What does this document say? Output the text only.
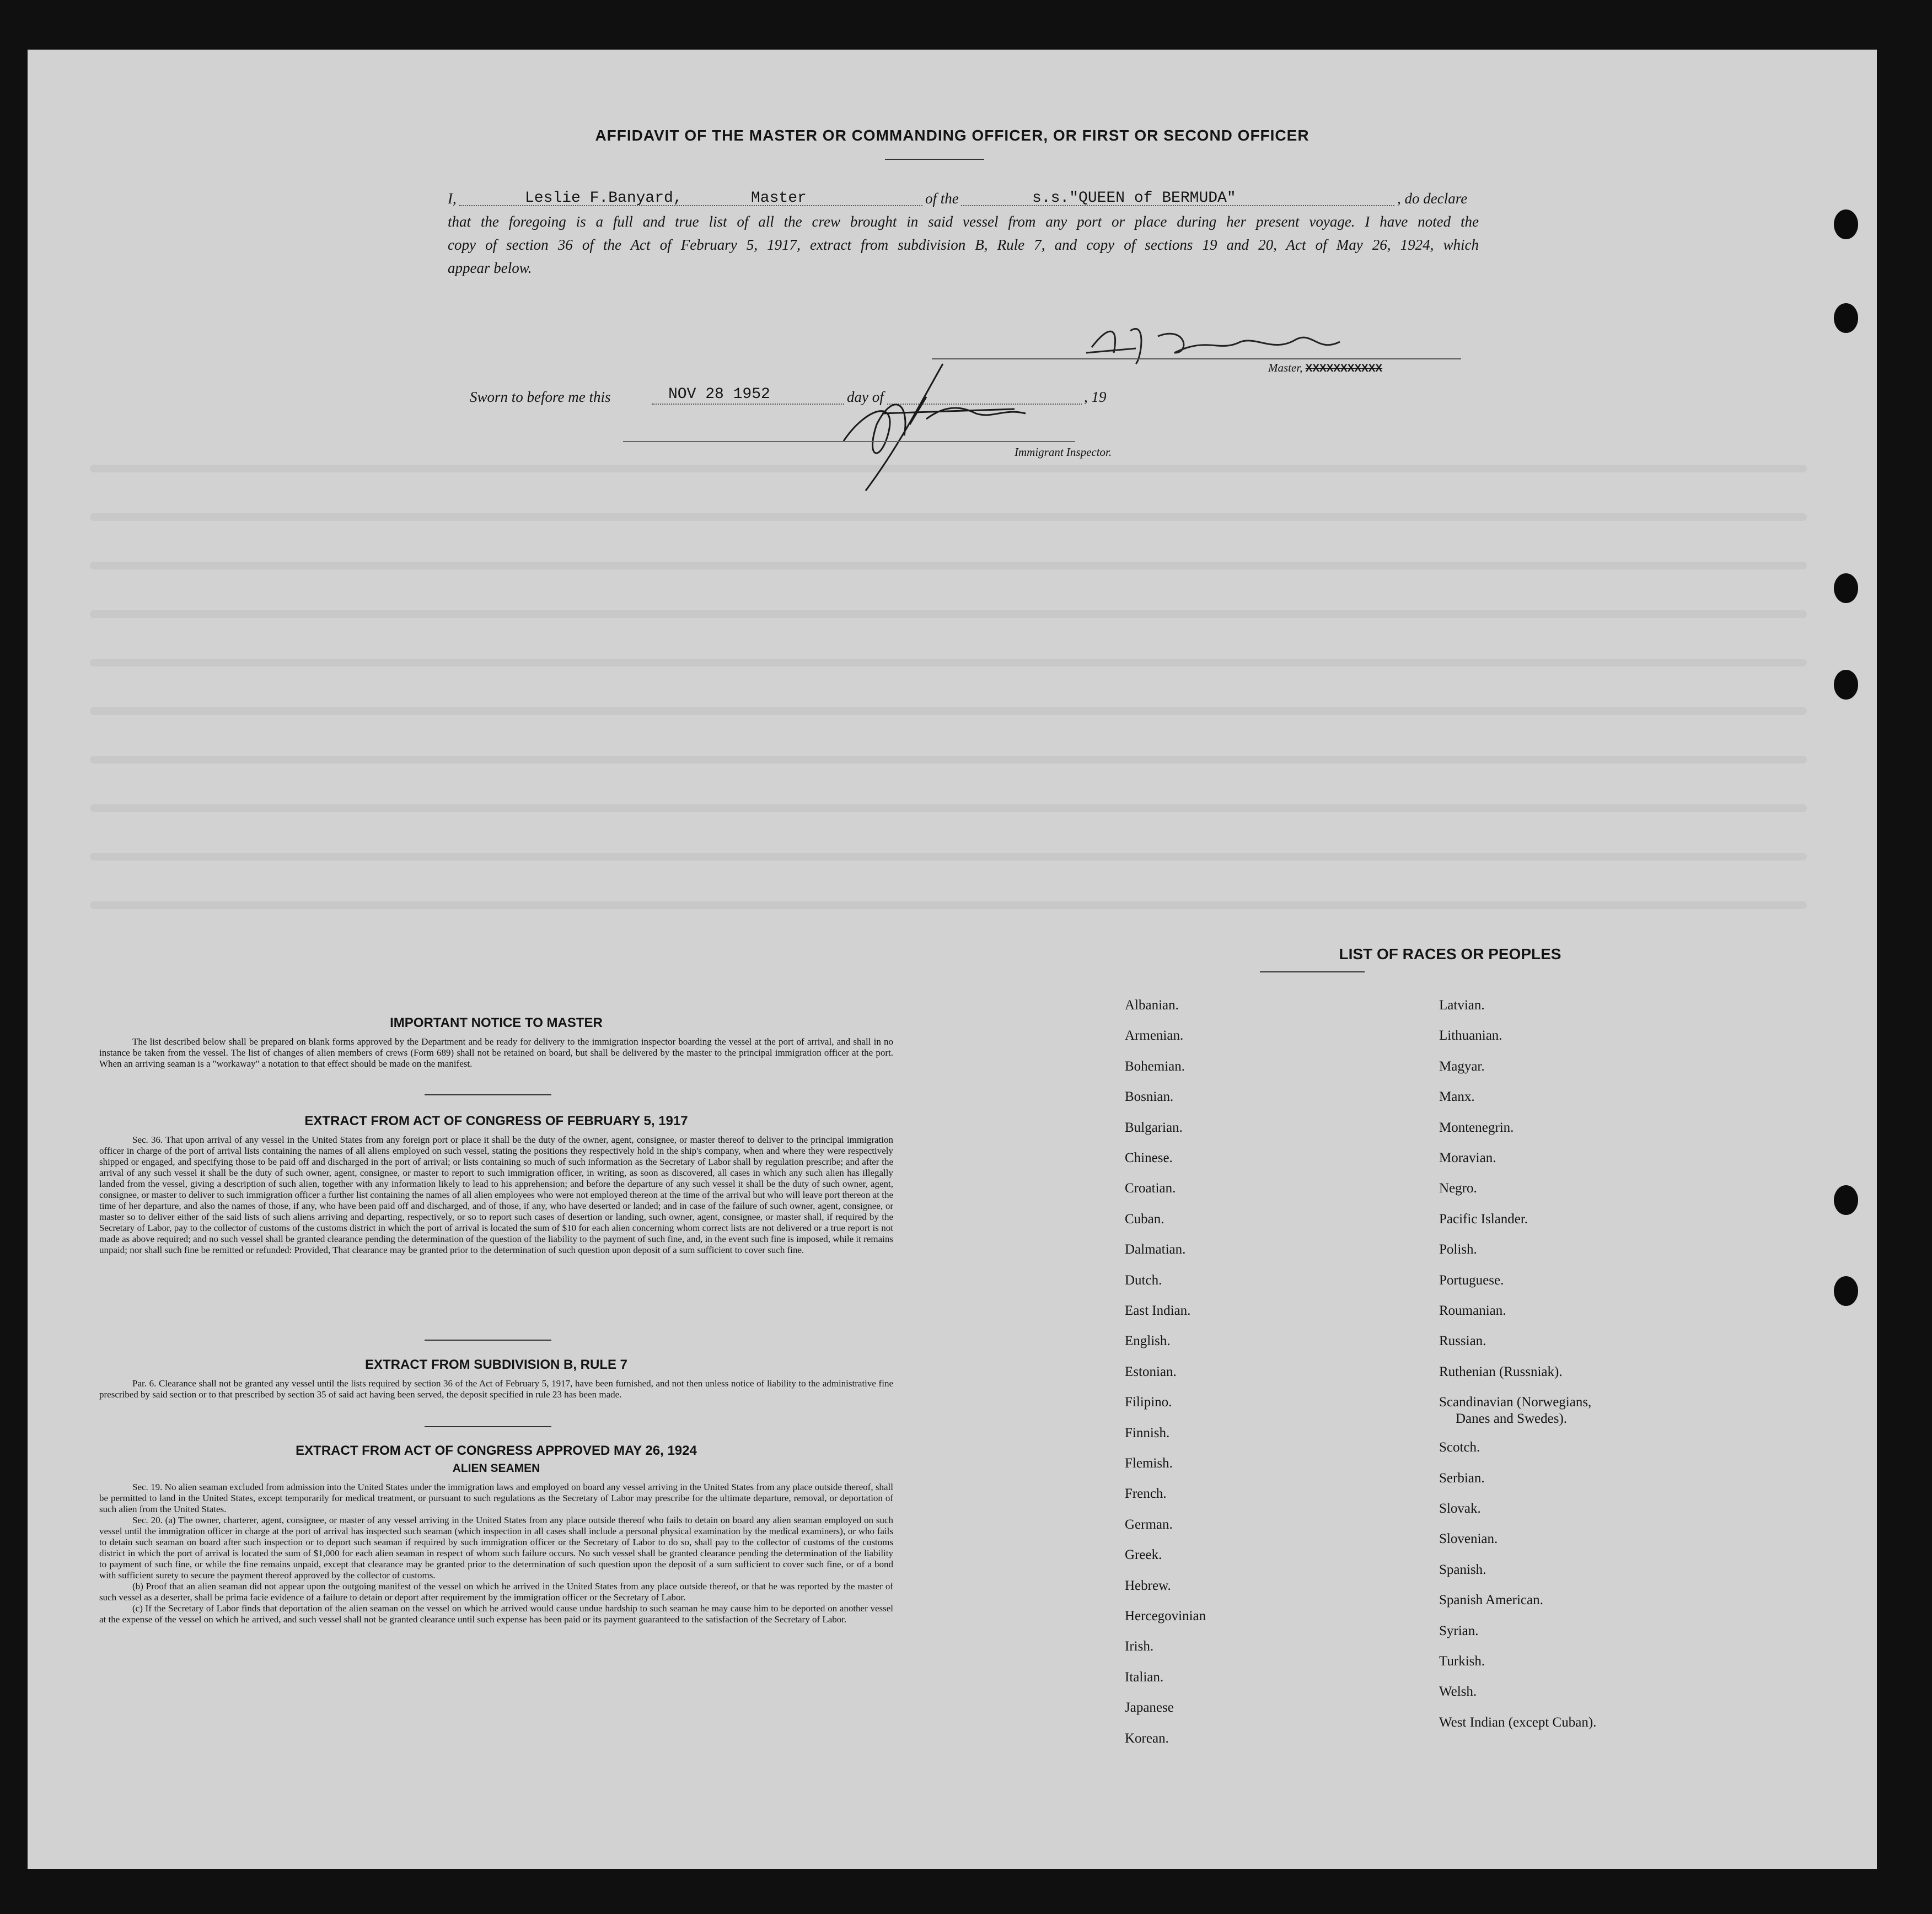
AFFIDAVIT OF THE MASTER OR COMMANDING OFFICER, OR FIRST OR SECOND OFFICER
I,	Leslie F.Banyard,	Master	of the	s.s."QUEEN of BERMUDA"	, do declare
that the foregoing is a full and true list of all the crew brought in said vessel from any port or place during her present voyage. I have noted the
copy of section 36 of the Act of February 5, 1917, extract from subdivision B, Rule 7, and copy of sections 19 and 20, Act of May 26, 1924, which
appear below.
Master, XXXXXXXXXXX
Sworn to before me this	NOV 28 1952	day of	, 19
Immigrant Inspector.
IMPORTANT NOTICE TO MASTER

The list described below shall be prepared on blank forms approved by the Department and be ready for delivery to the immigration inspector boarding the vessel at the port of arrival, and shall in no instance be taken from the vessel. The list of changes of alien members of crews (Form 689) shall not be retained on board, but shall be delivered by the master to the principal immigration officer at the port. When an arriving seaman is a "workaway" a notation to that effect should be made on the manifest.

EXTRACT FROM ACT OF CONGRESS OF FEBRUARY 5, 1917

Sec. 36. That upon arrival of any vessel in the United States from any foreign port or place it shall be the duty of the owner, agent, consignee, or master thereof to deliver to the principal immigration officer in charge of the port of arrival lists containing the names of all aliens employed on such vessel, stating the positions they respectively hold in the ship's company, when and where they were respectively shipped or engaged, and specifying those to be paid off and discharged in the port of arrival; or lists containing so much of such information as the Secretary of Labor shall by regulation prescribe; and after the arrival of any such vessel it shall be the duty of such owner, agent, consignee, or master to report to such immigration officer, in writing, as soon as discovered, all cases in which any such alien has illegally landed from the vessel, giving a description of such alien, together with any information likely to lead to his apprehension; and before the departure of any such vessel it shall be the duty of such owner, agent, consignee, or master to deliver to such immigration officer a further list containing the names of all alien employees who were not employed thereon at the time of the arrival but who will leave port thereon at the time of her departure, and also the names of those, if any, who have been paid off and discharged, and of those, if any, who have deserted or landed; and in case of the failure of such owner, agent, consignee, or master so to deliver either of the said lists of such aliens arriving and departing, respectively, or so to report such cases of desertion or landing, such owner, agent, consignee, or master shall, if required by the Secretary of Labor, pay to the collector of customs of the customs district in which the port of arrival is located the sum of $10 for each alien concerning whom correct lists are not delivered or a true report is not made as above required; and no such vessel shall be granted clearance pending the determination of the question of the liability to the payment of such fine, and, in the event such fine is imposed, while it remains unpaid; nor shall such fine be remitted or refunded: Provided, That clearance may be granted prior to the determination of such question upon deposit of a sum sufficient to cover such fine.

EXTRACT FROM SUBDIVISION B, RULE 7

Par. 6. Clearance shall not be granted any vessel until the lists required by section 36 of the Act of February 5, 1917, have been furnished, and not then unless notice of liability to the administrative fine prescribed by said section or to that prescribed by section 35 of said act having been served, the deposit specified in rule 23 has been made.

EXTRACT FROM ACT OF CONGRESS APPROVED MAY 26, 1924
ALIEN SEAMEN

Sec. 19. No alien seaman excluded from admission into the United States under the immigration laws and employed on board any vessel arriving in the United States from any place outside thereof, shall be permitted to land in the United States, except temporarily for medical treatment, or pursuant to such regulations as the Secretary of Labor may prescribe for the ultimate departure, removal, or deportation of such alien from the United States.

Sec. 20. (a) The owner, charterer, agent, consignee, or master of any vessel arriving in the United States from any place outside thereof who fails to detain on board any alien seaman employed on such vessel until the immigration officer in charge at the port of arrival has inspected such seaman (which inspection in all cases shall include a personal physical examination by the medical examiners), or who fails to detain such seaman on board after such inspection or to deport such seaman if required by such immigration officer or the Secretary of Labor to do so, shall pay to the collector of customs of the customs district in which the port of arrival is located the sum of $1,000 for each alien seaman in respect of whom such failure occurs. No such vessel shall be granted clearance pending the determination of the liability to payment of such fine, or while the fine remains unpaid, except that clearance may be granted prior to the determination of such question upon the deposit of a sum sufficient to cover such fine, or of a bond with sufficient surety to secure the payment thereof approved by the collector of customs.

(b) Proof that an alien seaman did not appear upon the outgoing manifest of the vessel on which he arrived in the United States from any place outside thereof, or that he was reported by the master of such vessel as a deserter, shall be prima facie evidence of a failure to detain or deport after requirement by the immigration officer or the Secretary of Labor.

(c) If the Secretary of Labor finds that deportation of the alien seaman on the vessel on which he arrived would cause undue hardship to such seaman he may cause him to be deported on another vessel at the expense of the vessel on which he arrived, and such vessel shall not be granted clearance until such expense has been paid or its payment guaranteed to the satisfaction of the Secretary of Labor.

LIST OF RACES OR PEOPLES
Albanian.
Armenian.
Bohemian.
Bosnian.
Bulgarian.
Chinese.
Croatian.
Cuban.
Dalmatian.
Dutch.
East Indian.
English.
Estonian.
Filipino.
Finnish.
Flemish.
French.
German.
Greek.
Hebrew.
Hercegovinian
Irish.
Italian.
Japanese
Korean.
Latvian.
Lithuanian.
Magyar.
Manx.
Montenegrin.
Moravian.
Negro.
Pacific Islander.
Polish.
Portuguese.
Roumanian.
Russian.
Ruthenian (Russniak).
Scandinavian (Norwegians,
Danes and Swedes).
Scotch.
Serbian.
Slovak.
Slovenian.
Spanish.
Spanish American.
Syrian.
Turkish.
Welsh.
West Indian (except Cuban).
